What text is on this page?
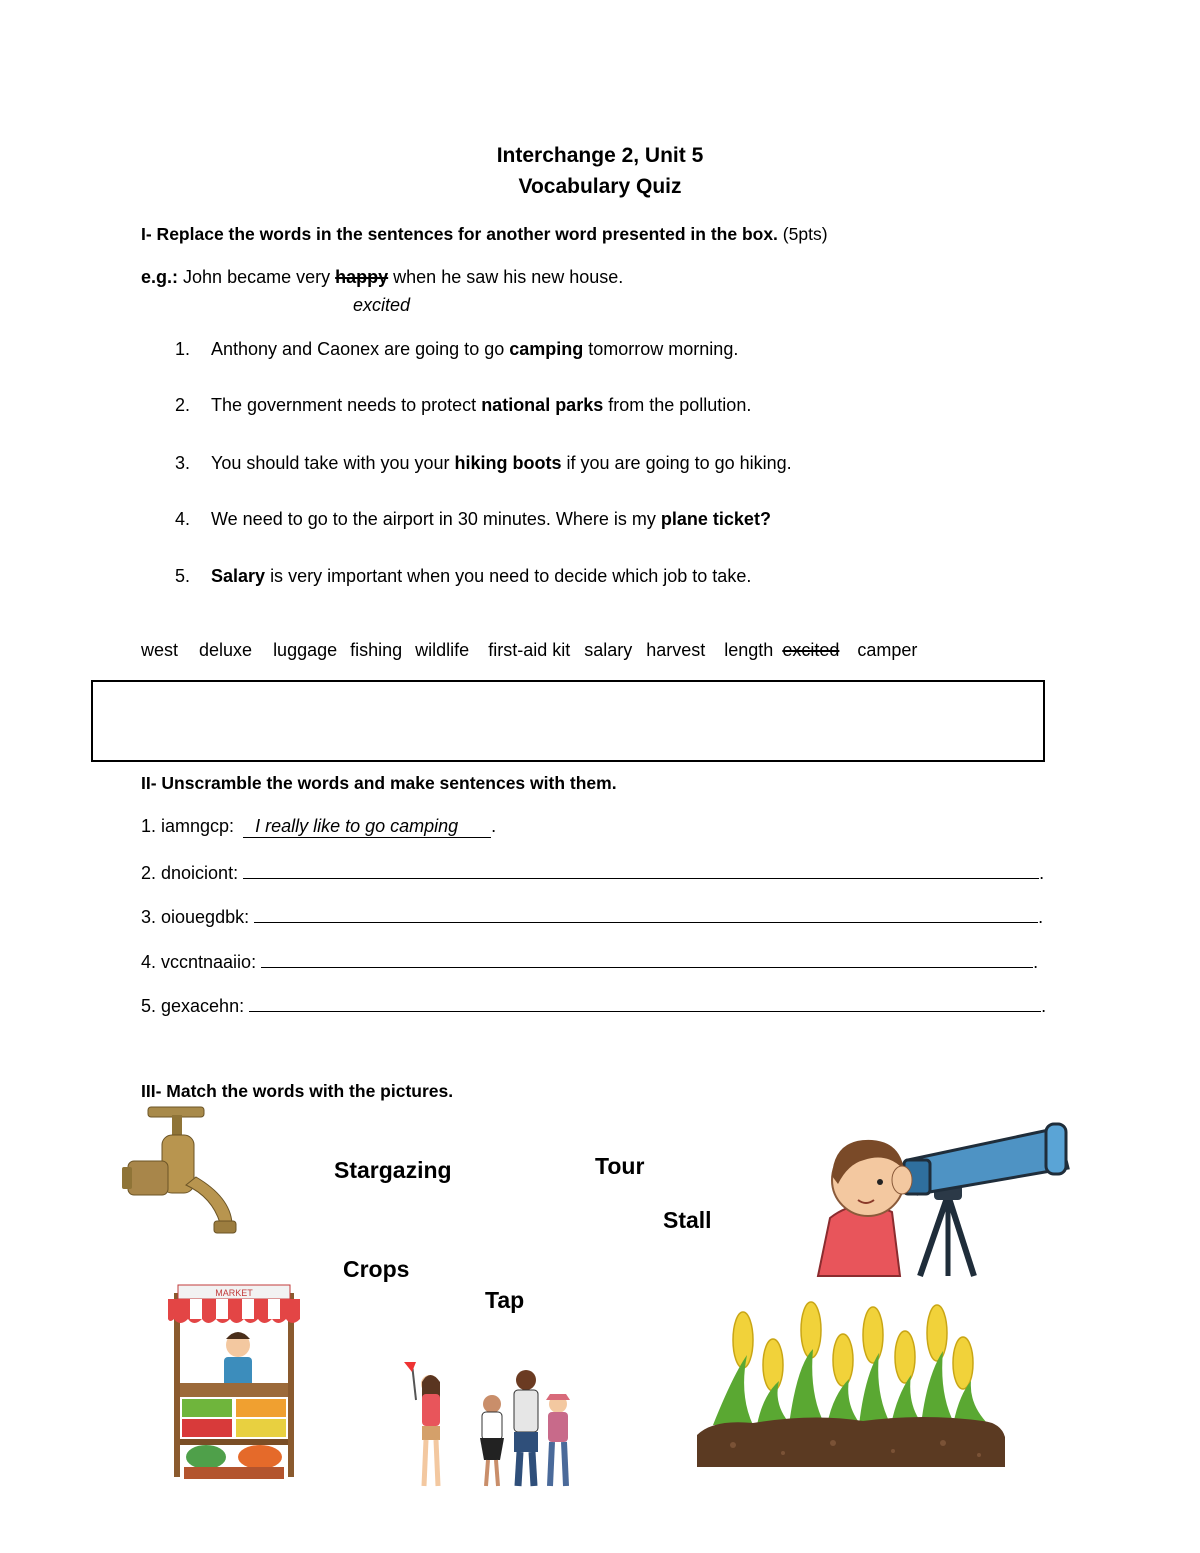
Interchange 2, Unit 5
Vocabulary Quiz
I- Replace the words in the sentences for another word presented in the box. (5pts)
e.g.: John became very happy when he saw his new house.
excited
1. Anthony and Caonex are going to go camping tomorrow morning.
2. The government needs to protect national parks from the pollution.
3. You should take with you your hiking boots if you are going to go hiking.
4. We need to go to the airport in 30 minutes. Where is my plane ticket?
5. Salary is very important when you need to decide which job to take.
west deluxe luggage fishing wildlife first-aid kit salary harvest length excited camper
II- Unscramble the words and make sentences with them.
1. iamngcp: I really like to go camping .
2. dnoiciont:	.
3. oiouegdbk:	.
4. vccntnaaiio:	.
5. gexacehn:	.
III- Match the words with the pictures.
Stargazing	Tour
Stall
Crops
Tap
MARKET
